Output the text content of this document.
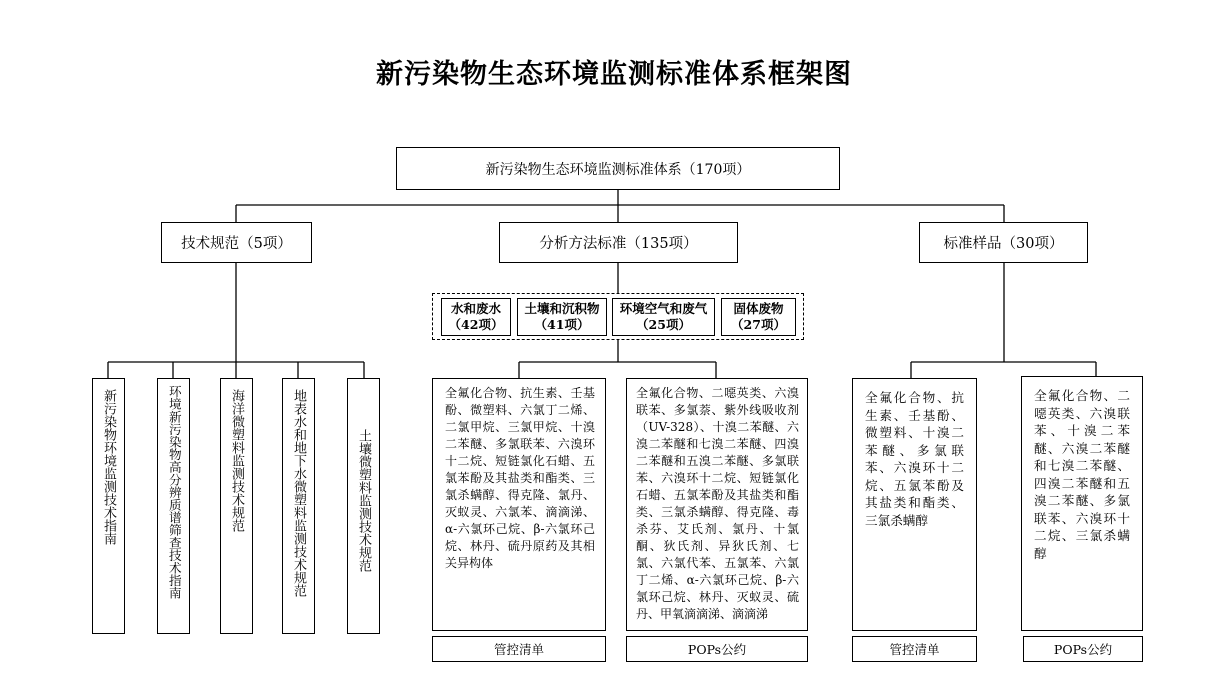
新污染物生态环境监测标准体系框架图
新污染物生态环境监测标准体系（170项）
技术规范（5项）	分析方法标准（135项）	标准样品（30项）
新污染物环境监测技术指南	环境新污染物高分辨质谱筛查技术指南	海洋微塑料监测技术规范	地表水和地下水微塑料监测技术规范	土壤微塑料监测技术规范
水和废水
（42项）
土壤和沉积物
（41项）
环境空气和废气
（25项）
固体废物
（27项）
全氟化合物、抗生素、壬基酚、微塑料、六氯丁二烯、二氯甲烷、三氯甲烷、十溴二苯醚、多氯联苯、六溴环十二烷、短链氯化石蜡、五氯苯酚及其盐类和酯类、三氯杀螨醇、得克隆、氯丹、灭蚁灵、六氯苯、滴滴涕、α-六氯环己烷、β-六氯环己烷、林丹、硫丹原药及其相关异构体
管控清单
全氟化合物、二噁英类、六溴联苯、多氯萘、紫外线吸收剂（UV-328）、十溴二苯醚、六溴二苯醚和七溴二苯醚、四溴二苯醚和五溴二苯醚、多氯联苯、六溴环十二烷、短链氯化石蜡、五氯苯酚及其盐类和酯类、三氯杀螨醇、得克隆、毒杀芬、艾氏剂、氯丹、十氯酮、狄氏剂、异狄氏剂、七氯、六氯代苯、五氯苯、六氯丁二烯、α-六氯环己烷、β-六氯环己烷、林丹、灭蚁灵、硫丹、甲氧滴滴涕、滴滴涕
POPs公约
全氟化合物、抗生素、壬基酚、微塑料、十溴二苯醚、多氯联苯、六溴环十二烷、五氯苯酚及其盐类和酯类、三氯杀螨醇
管控清单
全氟化合物、二噁英类、六溴联苯、十溴二苯醚、六溴二苯醚和七溴二苯醚、四溴二苯醚和五溴二苯醚、多氯联苯、六溴环十二烷、三氯杀螨醇
POPs公约
